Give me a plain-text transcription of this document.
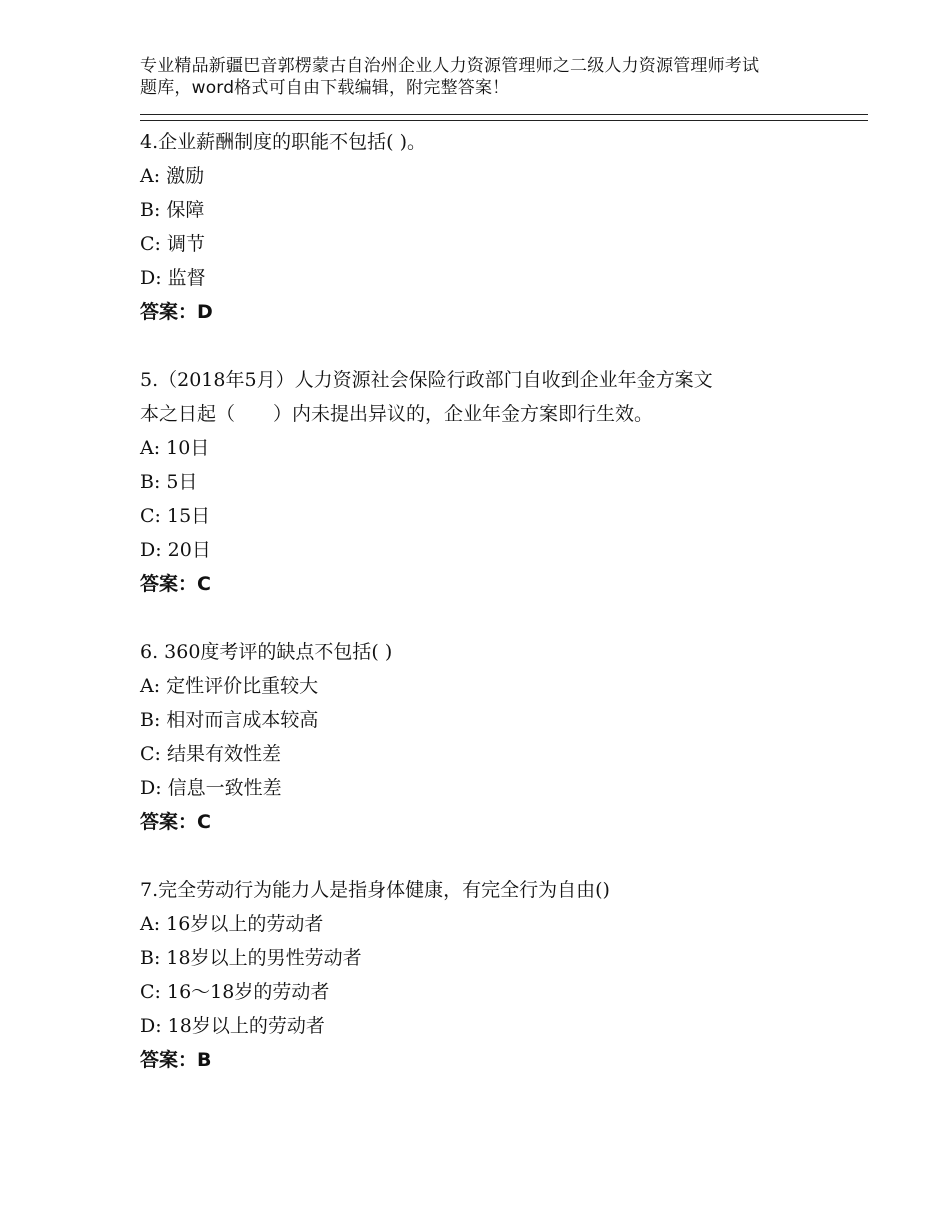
专业精品新疆巴音郭楞蒙古自治州企业人力资源管理师之二级人力资源管理师考试
题库，word格式可自由下载编辑，附完整答案！

4.企业薪酬制度的职能不包括( )。

A: 激励

B: 保障

C: 调节

D: 监督

答案：D

5.（2018年5月）人力资源社会保险行政部门自收到企业年金方案文

本之日起（　　）内未提出异议的，企业年金方案即行生效。

A: 10日

B: 5日

C: 15日

D: 20日

答案：C

6. 360度考评的缺点不包括( )

A: 定性评价比重较大

B: 相对而言成本较高

C: 结果有效性差

D: 信息一致性差

答案：C

7.完全劳动行为能力人是指身体健康，有完全行为自由()

A: 16岁以上的劳动者

B: 18岁以上的男性劳动者

C: 16～18岁的劳动者

D: 18岁以上的劳动者

答案：B
